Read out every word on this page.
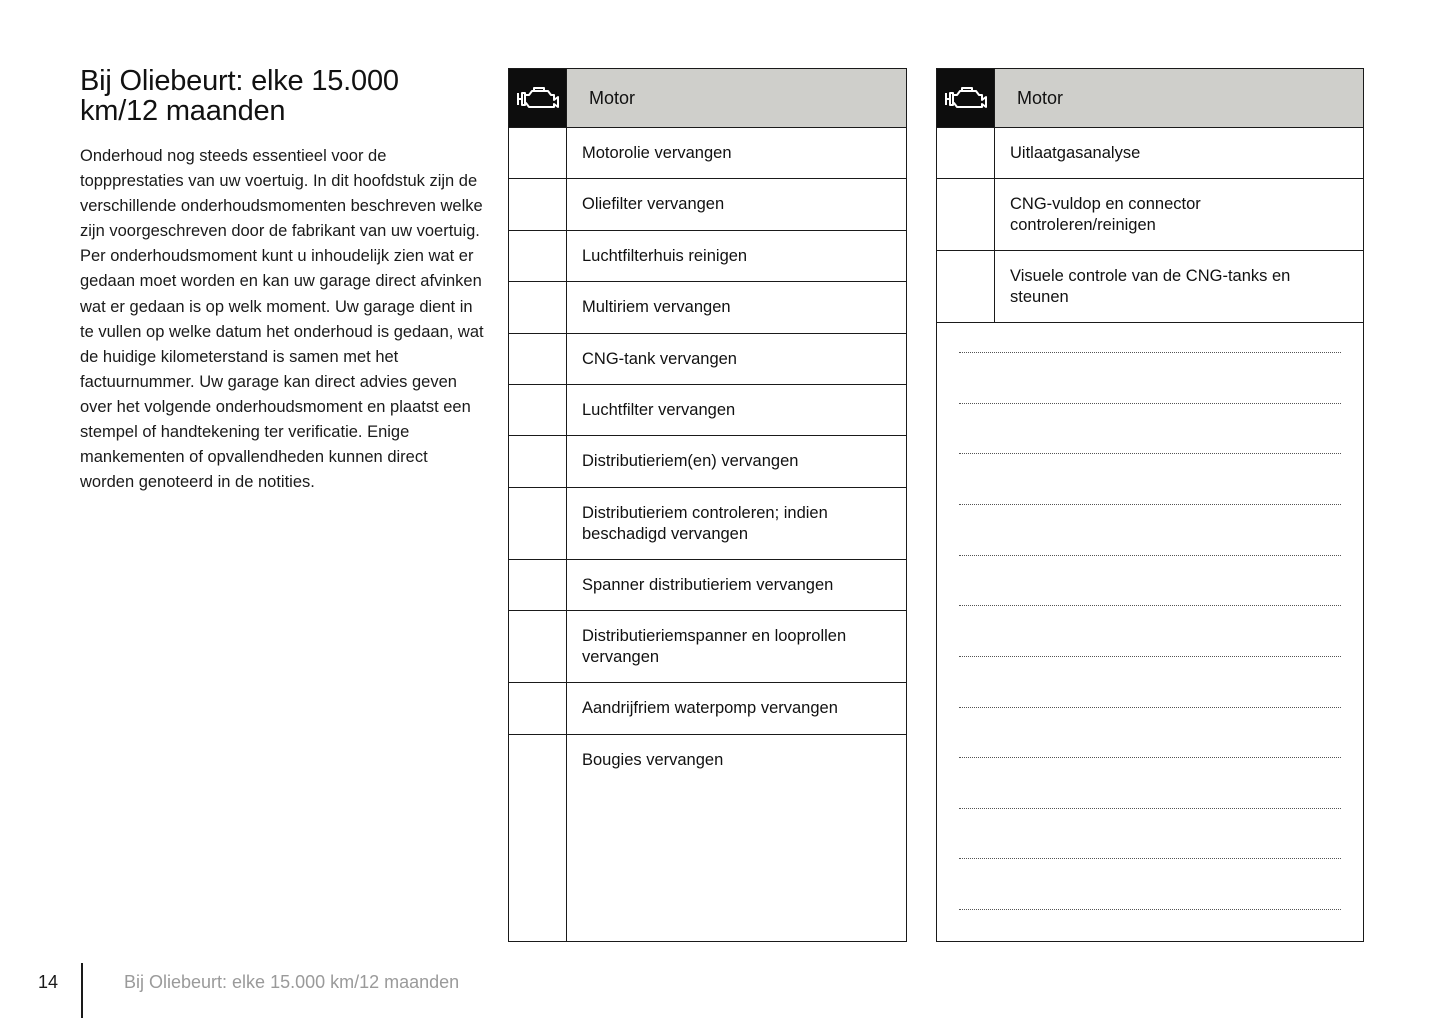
Bij Oliebeurt: elke 15.000 km/12 maanden

Onderhoud nog steeds essentieel voor de toppprestaties van uw voertuig. In dit hoofdstuk zijn de verschillende onderhoudsmomenten beschreven welke zijn voorgeschreven door de fabrikant van uw voertuig. Per onderhoudsmoment kunt u inhoudelijk zien wat er gedaan moet worden en kan uw garage direct afvinken wat er gedaan is op welk moment. Uw garage dient in te vullen op welke datum het onderhoud is gedaan, wat de huidige kilometerstand is samen met het factuurnummer. Uw garage kan direct advies geven over het volgende onderhoudsmoment en plaatst een stempel of handtekening ter verificatie. Enige mankementen of opvallendheden kunnen direct worden genoteerd in de notities.

Motor
Motorolie vervangen
Oliefilter vervangen
Luchtfilterhuis reinigen
Multiriem vervangen
CNG-tank vervangen
Luchtfilter vervangen
Distributieriem(en) vervangen
Distributieriem controleren; indien beschadigd vervangen
Spanner distributieriem vervangen
Distributieriemspanner en looprollen vervangen
Aandrijfriem waterpomp vervangen
Bougies vervangen
Motor
Uitlaatgasanalyse
CNG-vuldop en connector controleren/reinigen
Visuele controle van de CNG-tanks en steunen
14	Bij Oliebeurt: elke 15.000 km/12 maanden
